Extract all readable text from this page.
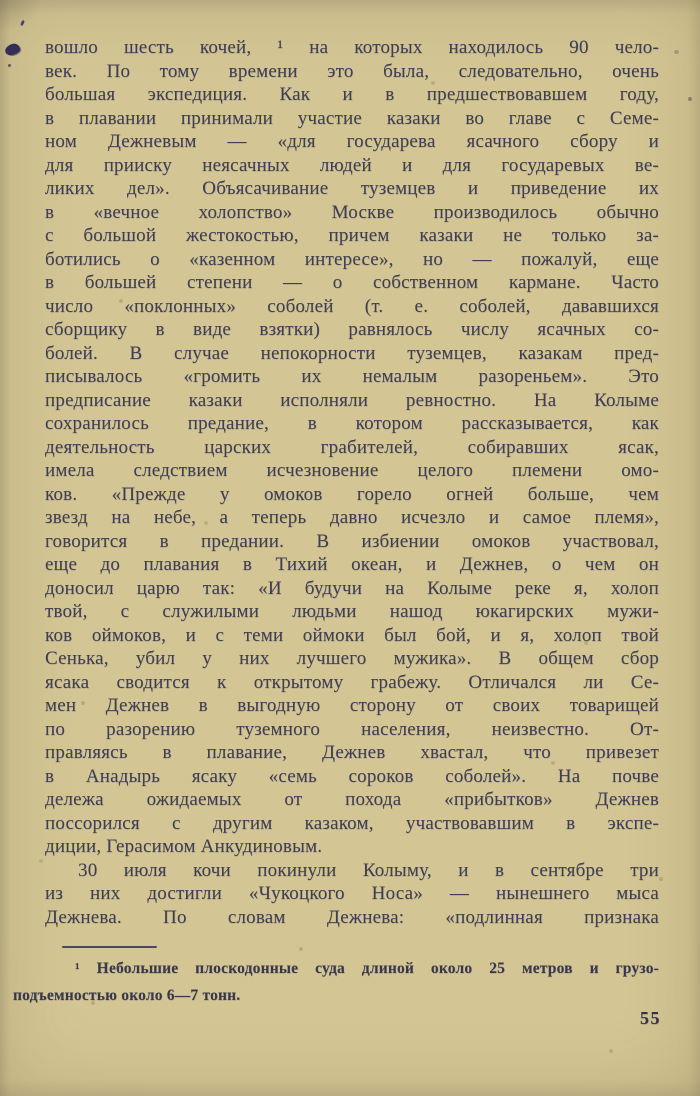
вошло шесть кочей, ¹ на которых находилось 90 чело-
век. По тому времени это была, следовательно, очень
большая экспедиция. Как и в предшествовавшем году,
в плавании принимали участие казаки во главе с Семе-
ном Дежневым — «для государева ясачного сбору и
для прииску неясачных людей и для государевых ве-
ликих дел». Объясачивание туземцев и приведение их
в «вечное холопство» Москве производилось обычно
с большой жестокостью, причем казаки не только за-
ботились о «казенном интересе», но — пожалуй, еще
в большей степени — о собственном кармане. Часто
число «поклонных» соболей (т. е. соболей, дававшихся
сборщику в виде взятки) равнялось числу ясачных со-
болей. В случае непокорности туземцев, казакам пред-
писывалось «громить их немалым разореньем». Это
предписание казаки исполняли ревностно. На Колыме
сохранилось предание, в котором рассказывается, как
деятельность царских грабителей, собиравших ясак,
имела следствием исчезновение целого племени омо-
ков. «Прежде у омоков горело огней больше, чем
звезд на небе, а теперь давно исчезло и самое племя»,
говорится в предании. В избиении омоков участвовал,
еще до плавания в Тихий океан, и Дежнев, о чем он
доносил царю так: «И будучи на Колыме реке я, холоп
твой, с служилыми людьми нашод юкагирских мужи-
ков оймоков, и с теми оймоки был бой, и я, холоп твой
Сенька, убил у них лучшего мужика». В общем сбор
ясака сводится к открытому грабежу. Отличался ли Се-
мен Дежнев в выгодную сторону от своих товарищей
по разорению туземного населения, неизвестно. От-
правляясь в плавание, Дежнев хвастал, что привезет
в Анадырь ясаку «семь сороков соболей». На почве
дележа ожидаемых от похода «прибытков» Дежнев
поссорился с другим казаком, участвовавшим в экспе-
диции, Герасимом Анкудиновым.
30 июля кочи покинули Колыму, и в сентябре три
из них достигли «Чукоцкого Носа» — нынешнего мыса
Дежнева. По словам Дежнева: «подлинная признака
¹ Небольшие плоскодонные суда длиной около 25 метров и грузо-
подъемностью около 6—7 тонн.
55
